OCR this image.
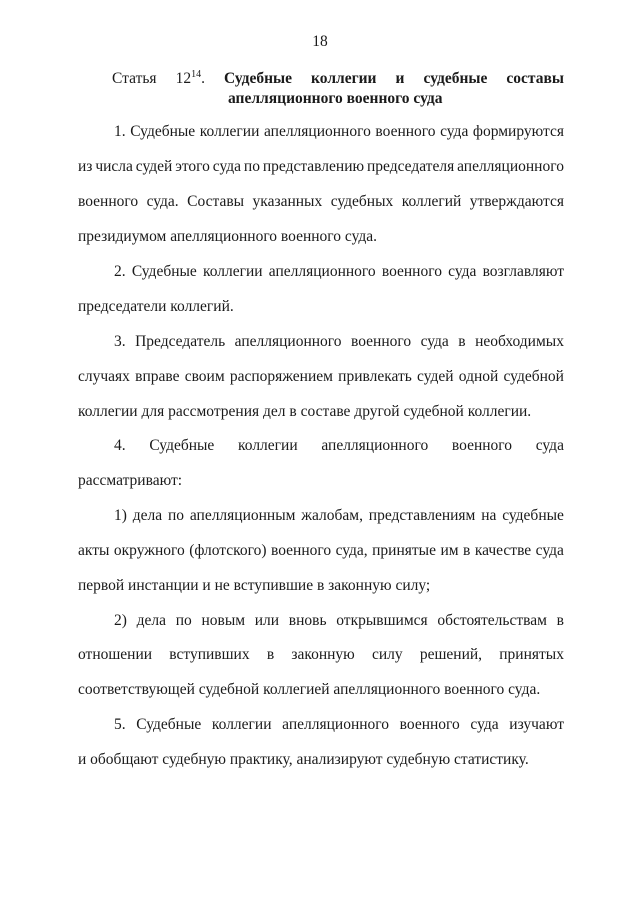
18
Статья $12^{14}$. Судебные коллегии и судебные составы
апелляционного военного суда
1. Судебные коллегии апелляционного военного суда формируются
из числа судей этого суда по представлению председателя апелляционного
военного суда. Составы указанных судебных коллегий утверждаются
президиумом апелляционного военного суда.
2. Судебные коллегии апелляционного военного суда возглавляют
председатели коллегий.
3. Председатель апелляционного военного суда в необходимых
случаях вправе своим распоряжением привлекать судей одной судебной
коллегии для рассмотрения дел в составе другой судебной коллегии.
4. Судебные коллегии апелляционного военного суда
рассматривают:
1) дела по апелляционным жалобам, представлениям на судебные
акты окружного (флотского) военного суда, принятые им в качестве суда
первой инстанции и не вступившие в законную силу;
2) дела по новым или вновь открывшимся обстоятельствам в
отношении вступивших в законную силу решений, принятых
соответствующей судебной коллегией апелляционного военного суда.
5. Судебные коллегии апелляционного военного суда изучают
и обобщают судебную практику, анализируют судебную статистику.
